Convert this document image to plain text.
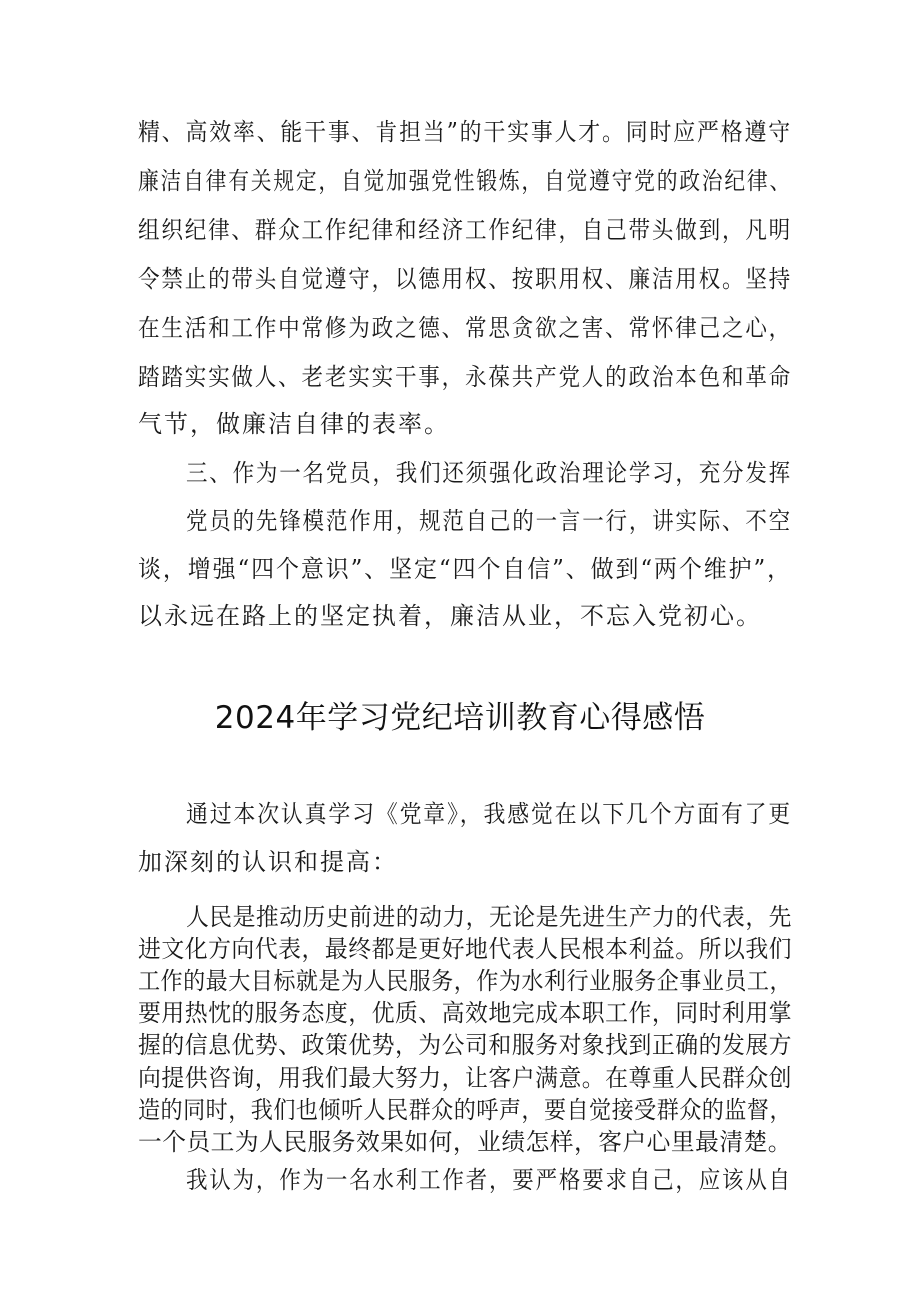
精、高效率、能干事、肯担当”的干实事人才。同时应严格遵守
廉洁自律有关规定，自觉加强党性锻炼，自觉遵守党的政治纪律、
组织纪律、群众工作纪律和经济工作纪律，自己带头做到，凡明
令禁止的带头自觉遵守，以德用权、按职用权、廉洁用权。坚持
在生活和工作中常修为政之德、常思贪欲之害、常怀律己之心，
踏踏实实做人、老老实实干事，永葆共产党人的政治本色和革命
气节，做廉洁自律的表率。
三、作为一名党员，我们还须强化政治理论学习，充分发挥
党员的先锋模范作用，规范自己的一言一行，讲实际、不空
谈，增强“四个意识”、坚定“四个自信”、做到“两个维护”，
以永远在路上的坚定执着，廉洁从业，不忘入党初心。
2024年学习党纪培训教育心得感悟
通过本次认真学习《党章》，我感觉在以下几个方面有了更
加深刻的认识和提高：
人民是推动历史前进的动力，无论是先进生产力的代表，先
进文化方向代表，最终都是更好地代表人民根本利益。所以我们
工作的最大目标就是为人民服务，作为水利行业服务企事业员工，
要用热忱的服务态度，优质、高效地完成本职工作，同时利用掌
握的信息优势、政策优势，为公司和服务对象找到正确的发展方
向提供咨询，用我们最大努力，让客户满意。在尊重人民群众创
造的同时，我们也倾听人民群众的呼声，要自觉接受群众的监督，
一个员工为人民服务效果如何，业绩怎样，客户心里最清楚。
我认为，作为一名水利工作者，要严格要求自己，应该从自
